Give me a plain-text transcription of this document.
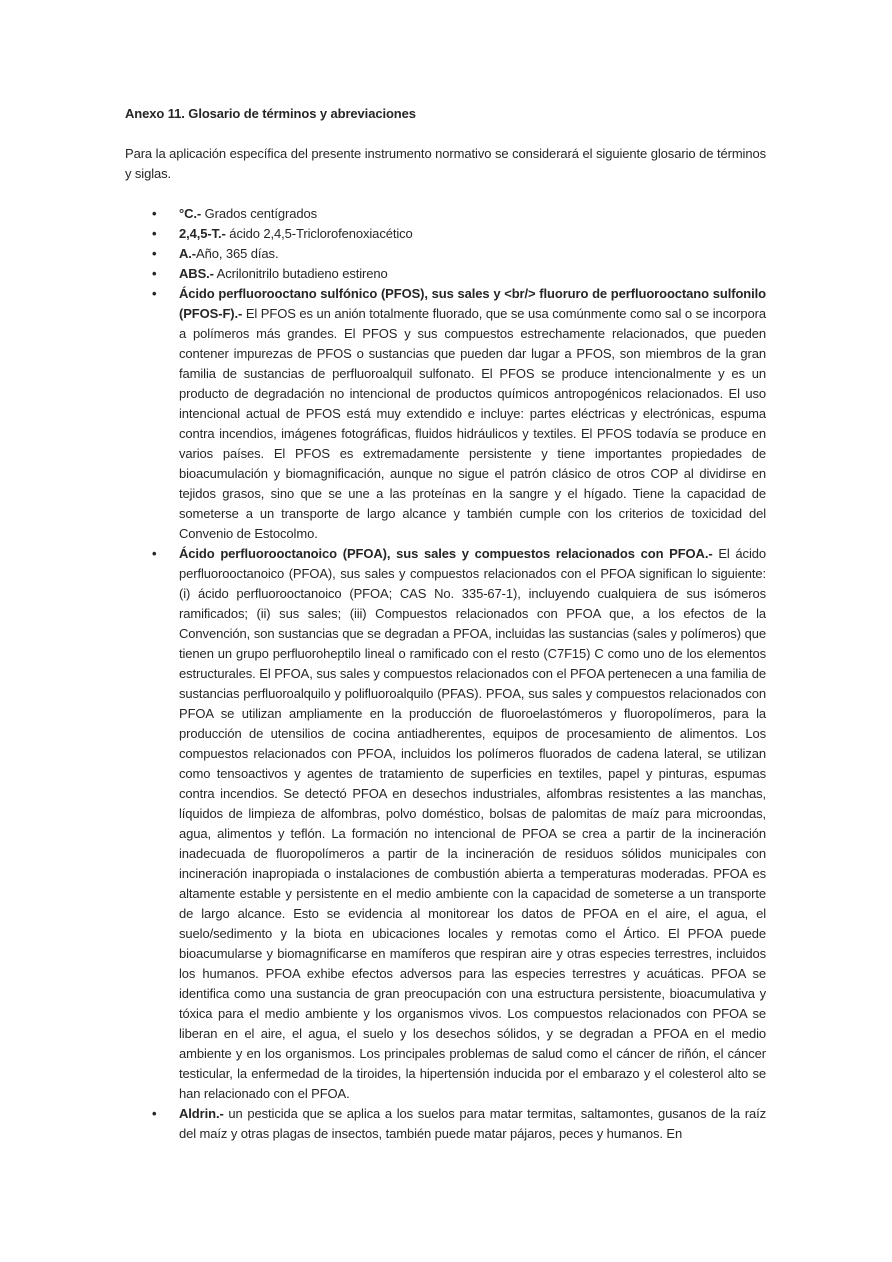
Anexo 11. Glosario de términos y abreviaciones

Para la aplicación específica del presente instrumento normativo se considerará el siguiente glosario de términos y siglas.

• °C.- Grados centígrados
• 2,4,5-T.- ácido 2,4,5-Triclorofenoxiacético
• A.-Año, 365 días.
• ABS.- Acrilonitrilo butadieno estireno
• Ácido perfluorooctano sulfónico (PFOS), sus sales y <br/> fluoruro de perfluorooctano sulfonilo (PFOS-F).- El PFOS es un anión totalmente fluorado, que se usa comúnmente como sal o se incorpora a polímeros más grandes. El PFOS y sus compuestos estrechamente relacionados, que pueden contener impurezas de PFOS o sustancias que pueden dar lugar a PFOS, son miembros de la gran familia de sustancias de perfluoroalquil sulfonato. El PFOS se produce intencionalmente y es un producto de degradación no intencional de productos químicos antropogénicos relacionados. El uso intencional actual de PFOS está muy extendido e incluye: partes eléctricas y electrónicas, espuma contra incendios, imágenes fotográficas, fluidos hidráulicos y textiles. El PFOS todavía se produce en varios países. El PFOS es extremadamente persistente y tiene importantes propiedades de bioacumulación y biomagnificación, aunque no sigue el patrón clásico de otros COP al dividirse en tejidos grasos, sino que se une a las proteínas en la sangre y el hígado. Tiene la capacidad de someterse a un transporte de largo alcance y también cumple con los criterios de toxicidad del Convenio de Estocolmo.
• Ácido perfluorooctanoico (PFOA), sus sales y compuestos relacionados con PFOA.- El ácido perfluorooctanoico (PFOA), sus sales y compuestos relacionados con el PFOA significan lo siguiente: (i) ácido perfluorooctanoico (PFOA; CAS No. 335-67-1), incluyendo cualquiera de sus isómeros ramificados; (ii) sus sales; (iii) Compuestos relacionados con PFOA que, a los efectos de la Convención, son sustancias que se degradan a PFOA, incluidas las sustancias (sales y polímeros) que tienen un grupo perfluoroheptilo lineal o ramificado con el resto (C7F15) C como uno de los elementos estructurales. El PFOA, sus sales y compuestos relacionados con el PFOA pertenecen a una familia de sustancias perfluoroalquilo y polifluoroalquilo (PFAS). PFOA, sus sales y compuestos relacionados con PFOA se utilizan ampliamente en la producción de fluoroelastómeros y fluoropolímeros, para la producción de utensilios de cocina antiadherentes, equipos de procesamiento de alimentos. Los compuestos relacionados con PFOA, incluidos los polímeros fluorados de cadena lateral, se utilizan como tensoactivos y agentes de tratamiento de superficies en textiles, papel y pinturas, espumas contra incendios. Se detectó PFOA en desechos industriales, alfombras resistentes a las manchas, líquidos de limpieza de alfombras, polvo doméstico, bolsas de palomitas de maíz para microondas, agua, alimentos y teflón. La formación no intencional de PFOA se crea a partir de la incineración inadecuada de fluoropolímeros a partir de la incineración de residuos sólidos municipales con incineración inapropiada o instalaciones de combustión abierta a temperaturas moderadas. PFOA es altamente estable y persistente en el medio ambiente con la capacidad de someterse a un transporte de largo alcance. Esto se evidencia al monitorear los datos de PFOA en el aire, el agua, el suelo/sedimento y la biota en ubicaciones locales y remotas como el Ártico. El PFOA puede bioacumularse y biomagnificarse en mamíferos que respiran aire y otras especies terrestres, incluidos los humanos. PFOA exhibe efectos adversos para las especies terrestres y acuáticas. PFOA se identifica como una sustancia de gran preocupación con una estructura persistente, bioacumulativa y tóxica para el medio ambiente y los organismos vivos. Los compuestos relacionados con PFOA se liberan en el aire, el agua, el suelo y los desechos sólidos, y se degradan a PFOA en el medio ambiente y en los organismos. Los principales problemas de salud como el cáncer de riñón, el cáncer testicular, la enfermedad de la tiroides, la hipertensión inducida por el embarazo y el colesterol alto se han relacionado con el PFOA.
• Aldrin.- un pesticida que se aplica a los suelos para matar termitas, saltamontes, gusanos de la raíz del maíz y otras plagas de insectos, también puede matar pájaros, peces y humanos. En
